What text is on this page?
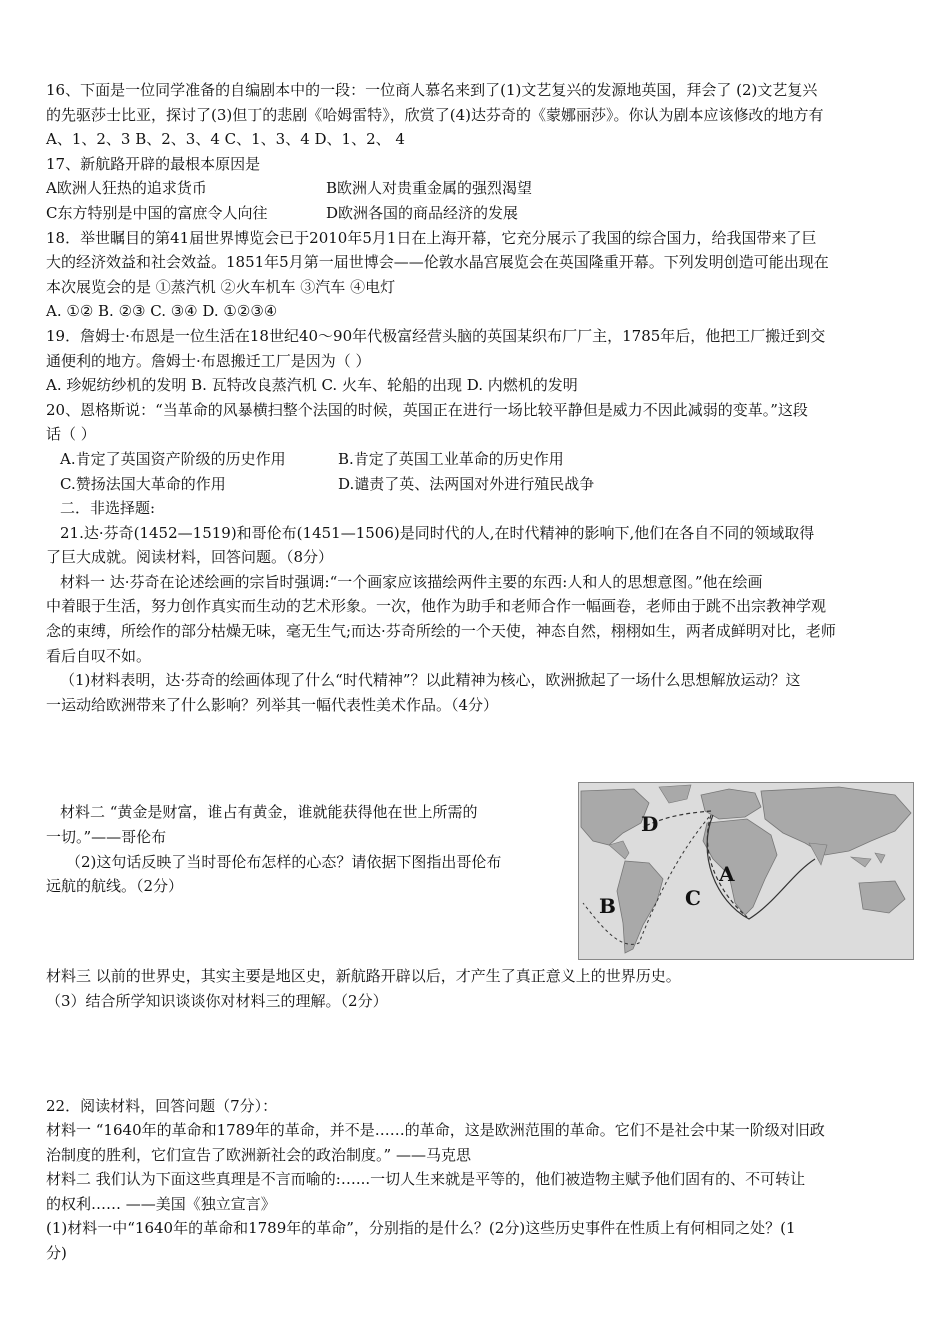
16、下面是一位同学准备的自编剧本中的一段：一位商人慕名来到了(1)文艺复兴的发源地英国，拜会了 (2)文艺复兴
的先驱莎士比亚，探讨了(3)但丁的悲剧《哈姆雷特》，欣赏了(4)达芬奇的《蒙娜丽莎》。你认为剧本应该修改的地方有
A、1、2、3 B、2、3、4 C、1、3、4 D、1、2、 4
17、新航路开辟的最根本原因是
A欧洲人狂热的追求货币	B欧洲人对贵重金属的强烈渴望
C东方特别是中国的富庶令人向往	D欧洲各国的商品经济的发展
18．举世瞩目的第41届世界博览会已于2010年5月1日在上海开幕，它充分展示了我国的综合国力，给我国带来了巨
大的经济效益和社会效益。1851年5月第一届世博会——伦敦水晶宫展览会在英国隆重开幕。下列发明创造可能出现在
本次展览会的是 ①蒸汽机 ②火车机车 ③汽车 ④电灯
A. ①② B. ②③ C. ③④ D. ①②③④
19．詹姆士·布恩是一位生活在18世纪40～90年代极富经营头脑的英国某织布厂厂主，1785年后，他把工厂搬迁到交
通便利的地方。詹姆士·布恩搬迁工厂是因为（ ）
A. 珍妮纺纱机的发明 B. 瓦特改良蒸汽机 C. 火车、轮船的出现 D. 内燃机的发明
20、恩格斯说：“当革命的风暴横扫整个法国的时候，英国正在进行一场比较平静但是威力不因此减弱的变革。”这段
话（ ）
A.肯定了英国资产阶级的历史作用	B.肯定了英国工业革命的历史作用
C.赞扬法国大革命的作用	D.谴责了英、法两国对外进行殖民战争
二．非选择题:
21.达·芬奇(1452—1519)和哥伦布(1451—1506)是同时代的人,在时代精神的影响下,他们在各自不同的领域取得
了巨大成就。阅读材料，回答问题。（8分）
材料一 达·芬奇在论述绘画的宗旨时强调:“一个画家应该描绘两件主要的东西:人和人的思想意图。”他在绘画
中着眼于生活，努力创作真实而生动的艺术形象。一次，他作为助手和老师合作一幅画卷，老师由于跳不出宗教神学观
念的束缚，所绘作的部分枯燥无味，毫无生气;而达·芬奇所绘的一个天使，神态自然，栩栩如生，两者成鲜明对比，老师
看后自叹不如。
（1)材料表明，达·芬奇的绘画体现了什么“时代精神”？以此精神为核心，欧洲掀起了一场什么思想解放运动？这
一运动给欧洲带来了什么影响？列举其一幅代表性美术作品。（4分）
材料二 “黄金是财富，谁占有黄金，谁就能获得他在世上所需的
一切。”——哥伦布
（2)这句话反映了当时哥伦布怎样的心态？请依据下图指出哥伦布
远航的航线。（2分）
D
A
C
B
材料三 以前的世界史，其实主要是地区史，新航路开辟以后，才产生了真正意义上的世界历史。
（3）结合所学知识谈谈你对材料三的理解。（2分）
22．阅读材料，回答问题（7分）：
材料一 “1640年的革命和1789年的革命，并不是……的革命，这是欧洲范围的革命。它们不是社会中某一阶级对旧政
治制度的胜利，它们宣告了欧洲新社会的政治制度。” ——马克思
材料二 我们认为下面这些真理是不言而喻的:…...一切人生来就是平等的，他们被造物主赋予他们固有的、不可转让
的权利…… ——美国《独立宣言》
(1)材料一中“1640年的革命和1789年的革命”，分别指的是什么？(2分)这些历史事件在性质上有何相同之处？(1
分)
